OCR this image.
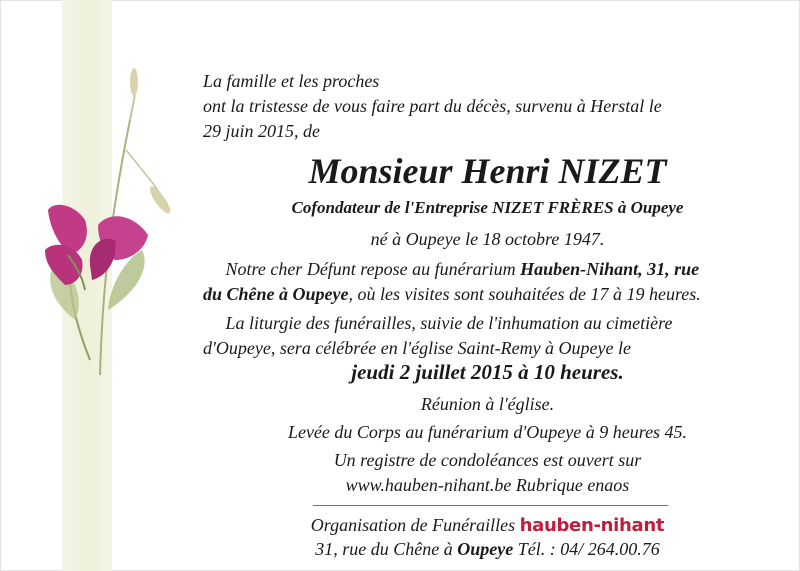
La famille et les proches
ont la tristesse de vous faire part du décès, survenu à Herstal le
29 juin 2015, de
Monsieur Henri NIZET
Cofondateur de l'Entreprise NIZET FRÈRES à Oupeye
né à Oupeye le 18 octobre 1947.
Notre cher Défunt repose au funérarium Hauben-Nihant, 31, rue
du Chêne à Oupeye, où les visites sont souhaitées de 17 à 19 heures.
La liturgie des funérailles, suivie de l'inhumation au cimetière
d'Oupeye, sera célébrée en l'église Saint-Remy à Oupeye le
jeudi 2 juillet 2015 à 10 heures.
Réunion à l'église.
Levée du Corps au funérarium d'Oupeye à 9 heures 45.
Un registre de condoléances est ouvert sur
www.hauben-nihant.be Rubrique enaos
Organisation de Funérailles hauben-nihant
31, rue du Chêne à Oupeye Tél. : 04/ 264.00.76
